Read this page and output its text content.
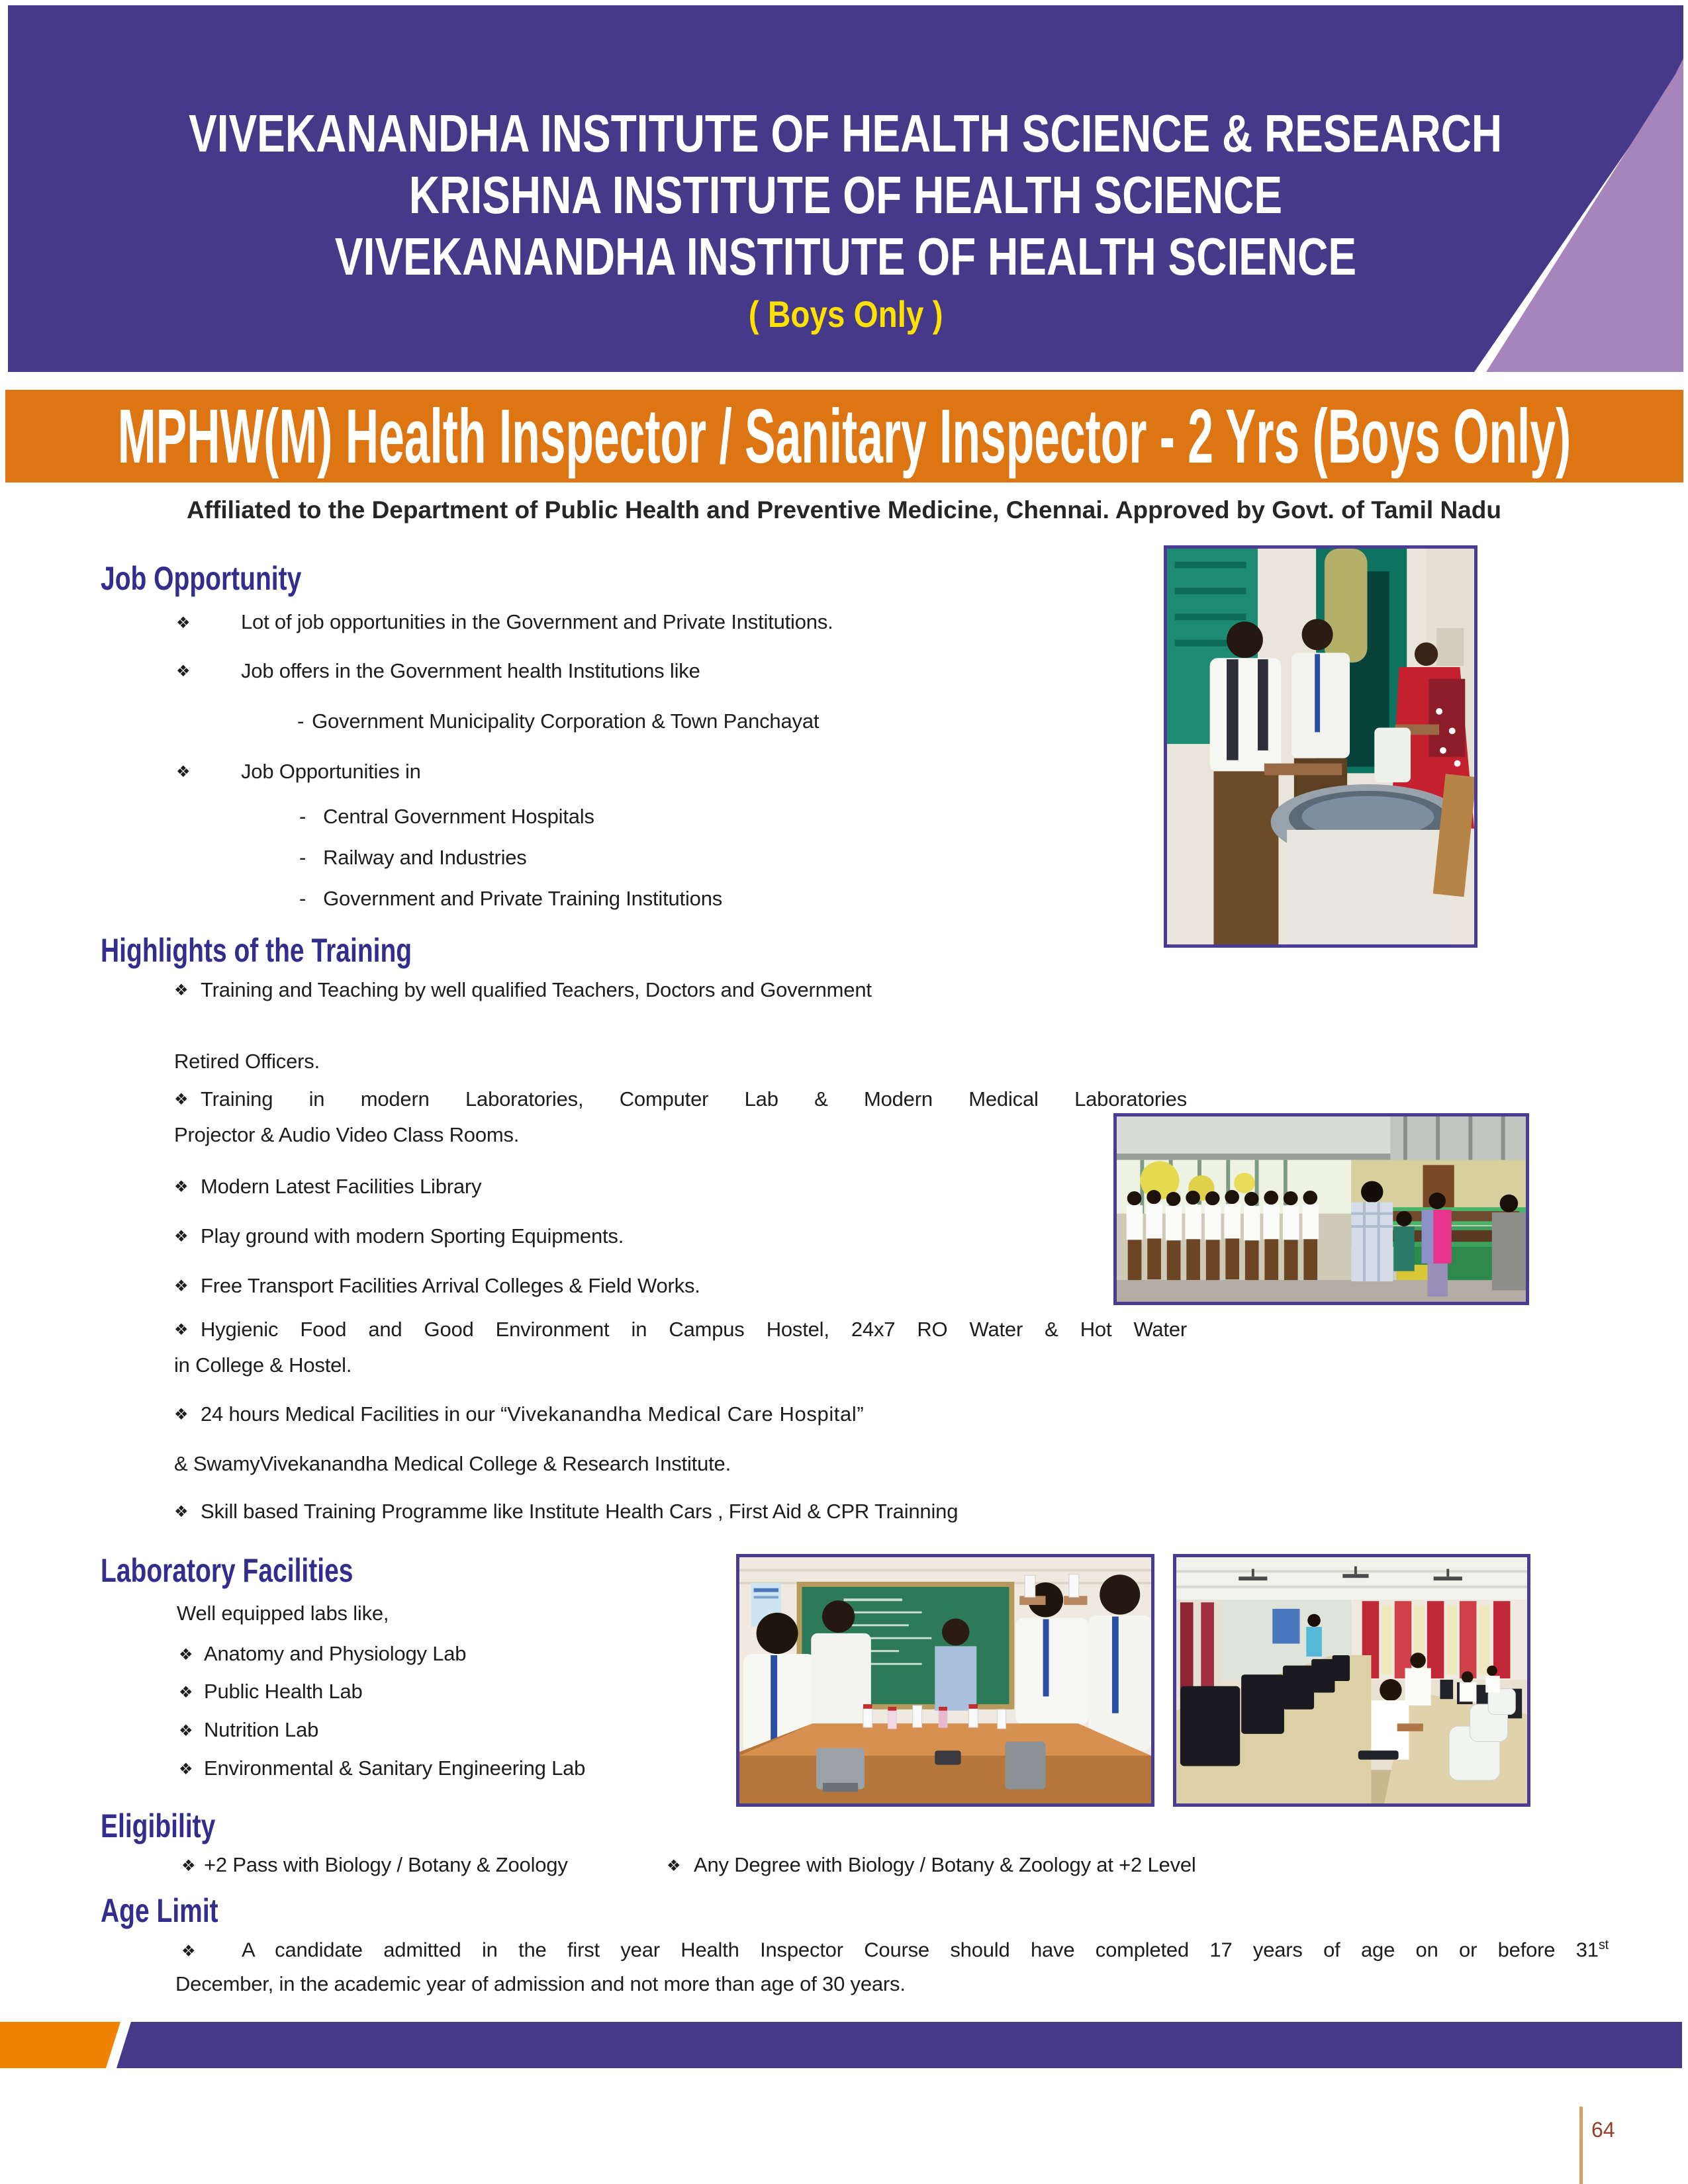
VIVEKANANDHA INSTITUTE OF HEALTH SCIENCE & RESEARCH
KRISHNA INSTITUTE OF HEALTH SCIENCE
VIVEKANANDHA INSTITUTE OF HEALTH SCIENCE
( Boys Only )
MPHW(M) Health Inspector / Sanitary Inspector - 2 Yrs (Boys Only)
Affiliated to the Department of Public Health and Preventive Medicine, Chennai. Approved by Govt. of Tamil Nadu
Job Opportunity
❖ Lot of job opportunities in the Government and Private Institutions.
❖ Job offers in the Government health Institutions like
- Government Municipality Corporation & Town Panchayat
❖ Job Opportunities in
- Central Government Hospitals
- Railway and Industries
- Government and Private Training Institutions
Highlights of the Training
❖ Training and Teaching by well qualified Teachers, Doctors and Government
Retired Officers.
❖ Training in modern Laboratories, Computer Lab & Modern Medical Laboratories
Projector & Audio Video Class Rooms.
❖ Modern Latest Facilities Library
❖ Play ground with modern Sporting Equipments.
❖ Free Transport Facilities Arrival Colleges & Field Works.
❖ Hygienic Food and Good Environment in Campus Hostel, 24x7 RO Water & Hot Water
in College & Hostel.
❖ 24 hours Medical Facilities in our “Vivekanandha Medical Care Hospital”
& SwamyVivekanandha Medical College & Research Institute.
❖ Skill based Training Programme like Institute Health Cars , First Aid & CPR Trainning
Laboratory Facilities
Well equipped labs like,
❖ Anatomy and Physiology Lab
❖ Public Health Lab
❖ Nutrition Lab
❖ Environmental & Sanitary Engineering Lab
Eligibility
❖ +2 Pass with Biology / Botany & Zoology	❖ Any Degree with Biology / Botany & Zoology at +2 Level
Age Limit
❖ A candidate admitted in the first year Health Inspector Course should have completed 17 years of age on or before 31st
December, in the academic year of admission and not more than age of 30 years.
64
